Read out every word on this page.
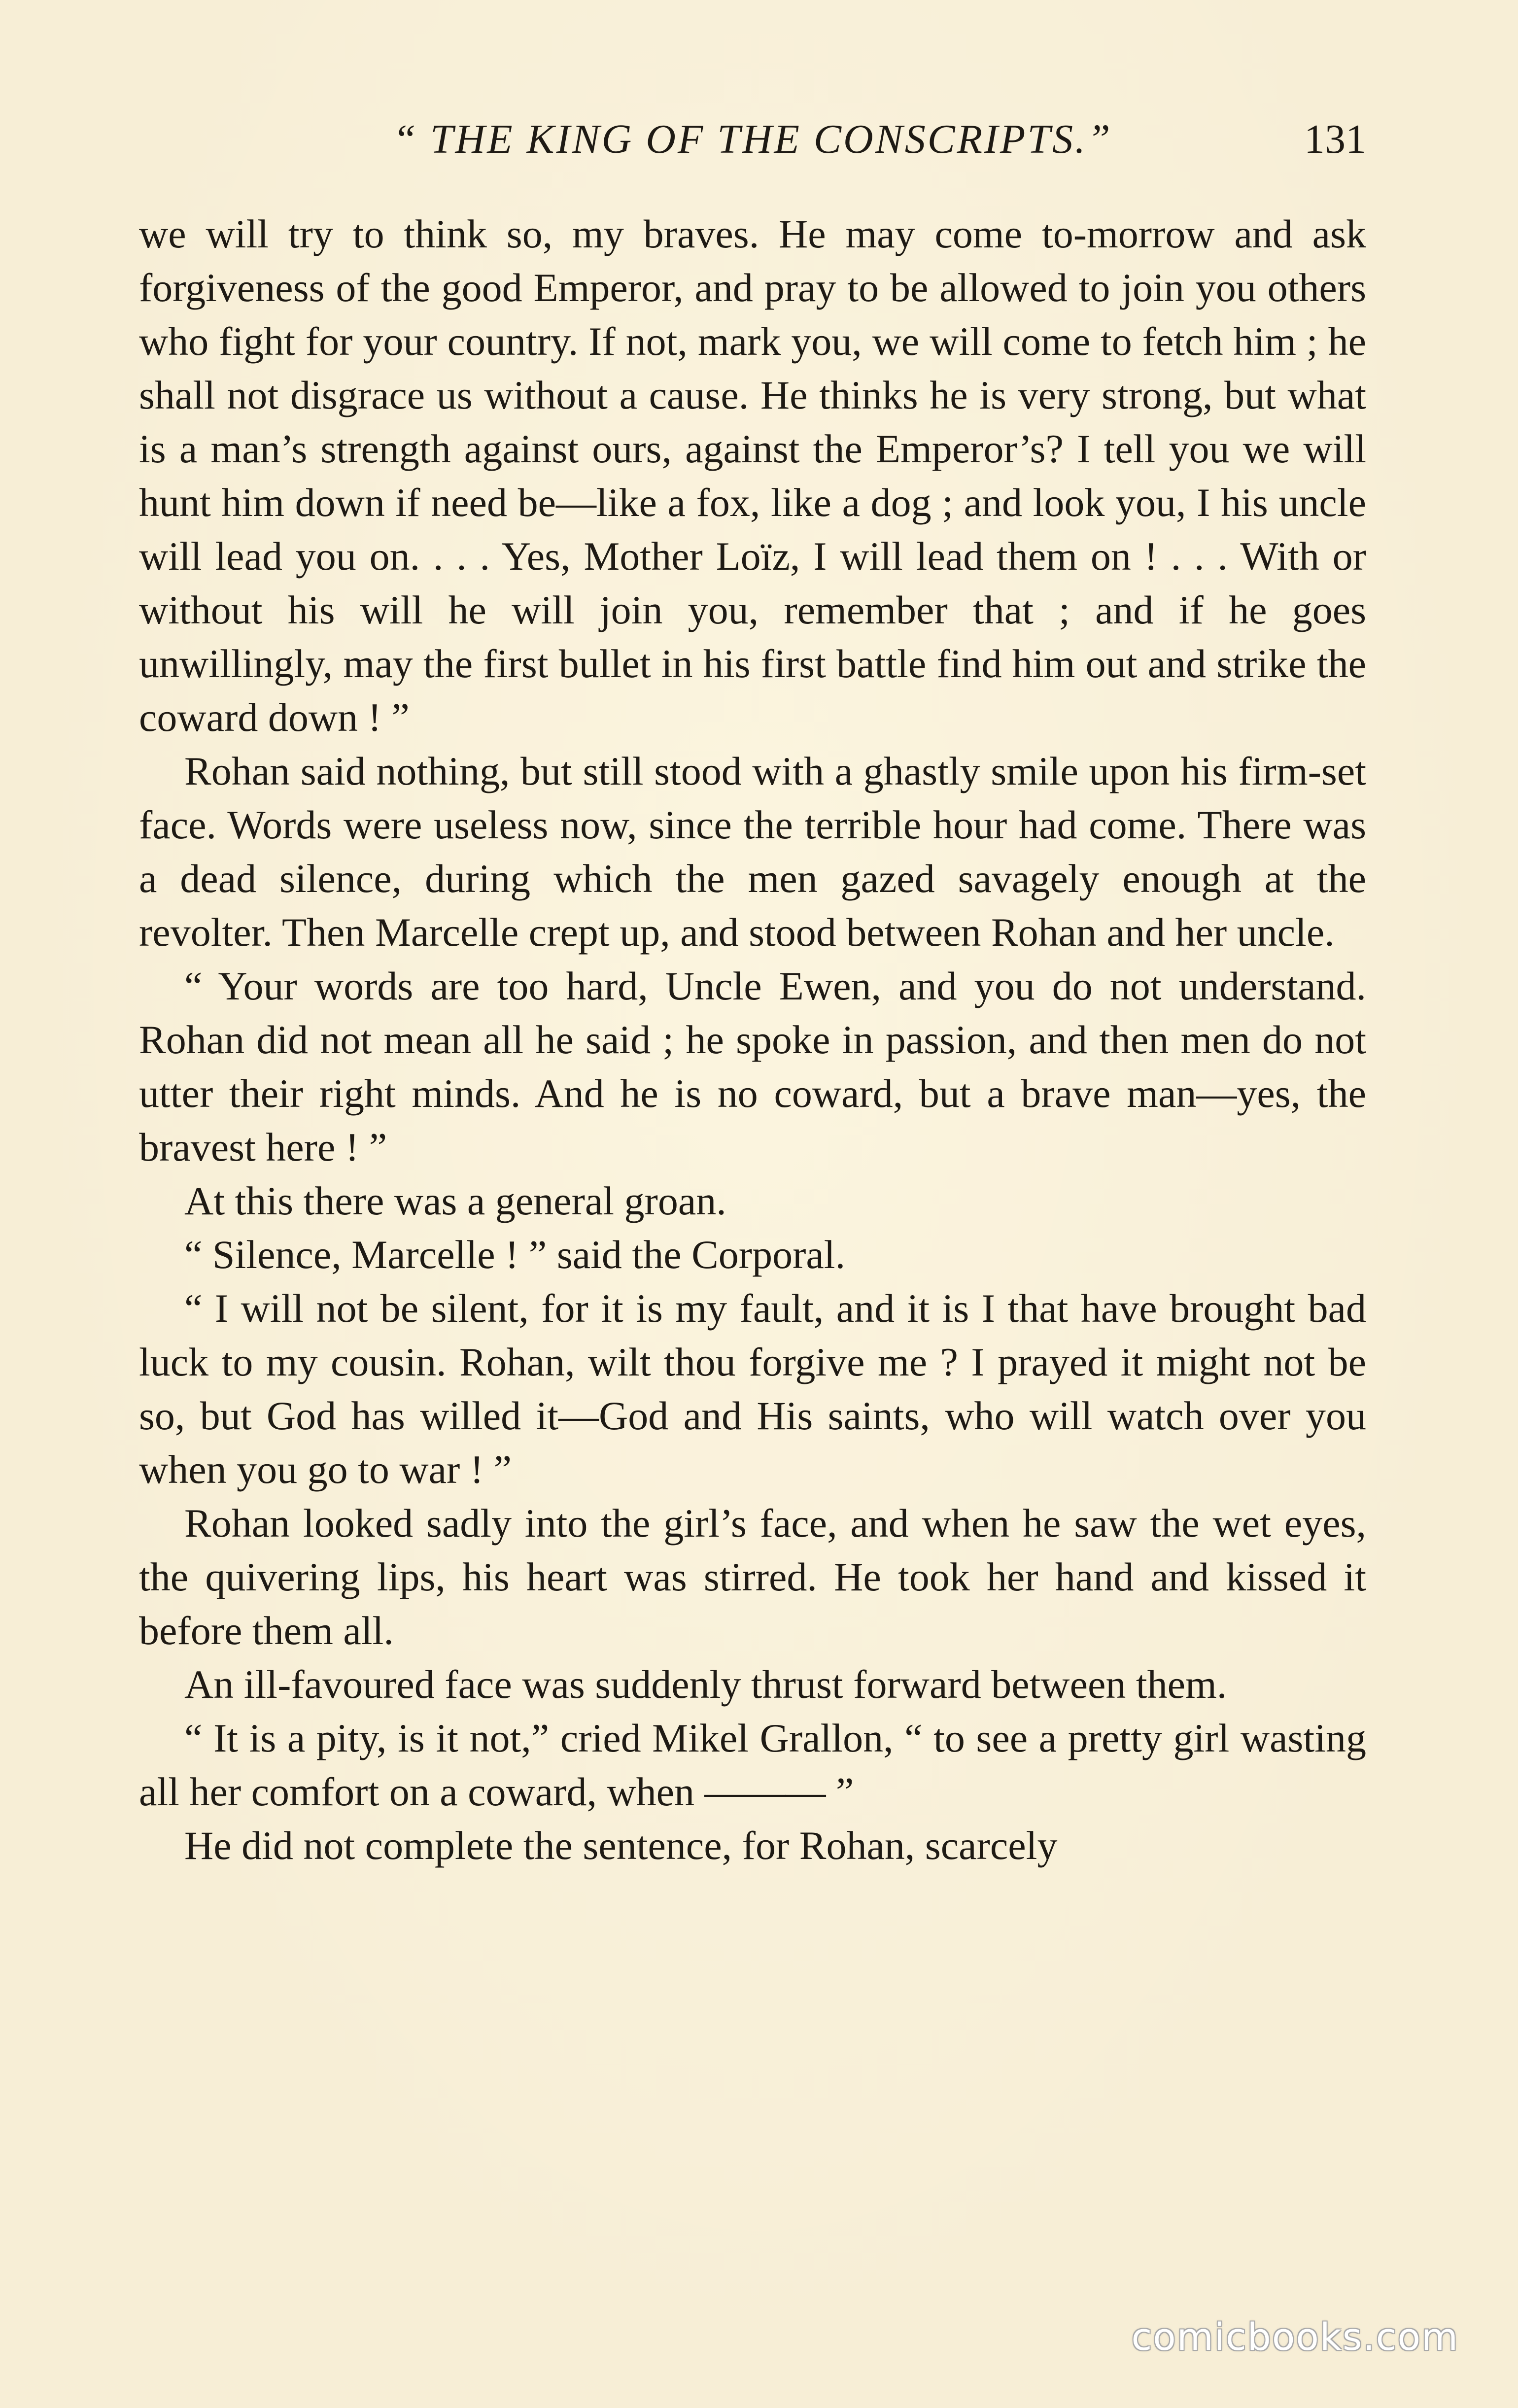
“ THE KING OF THE CONSCRIPTS.”	131

we will try to think so, my braves. He may come to-morrow and ask forgiveness of the good Emperor, and pray to be allowed to join you others who fight for your country. If not, mark you, we will come to fetch him ; he shall not disgrace us without a cause. He thinks he is very strong, but what is a man’s strength against ours, against the Emperor’s? I tell you we will hunt him down if need be—like a fox, like a dog ; and look you, I his uncle will lead you on. . . . Yes, Mother Loïz, I will lead them on ! . . . With or without his will he will join you, remember that ; and if he goes unwillingly, may the first bullet in his first battle find him out and strike the coward down ! ”

Rohan said nothing, but still stood with a ghastly smile upon his firm-set face. Words were useless now, since the terrible hour had come. There was a dead silence, during which the men gazed savagely enough at the revolter. Then Marcelle crept up, and stood between Rohan and her uncle.

“ Your words are too hard, Uncle Ewen, and you do not understand. Rohan did not mean all he said ; he spoke in passion, and then men do not utter their right minds. And he is no coward, but a brave man—yes, the bravest here ! ”

At this there was a general groan.

“ Silence, Marcelle ! ” said the Corporal.

“ I will not be silent, for it is my fault, and it is I that have brought bad luck to my cousin. Rohan, wilt thou forgive me ? I prayed it might not be so, but God has willed it—God and His saints, who will watch over you when you go to war ! ”

Rohan looked sadly into the girl’s face, and when he saw the wet eyes, the quivering lips, his heart was stirred. He took her hand and kissed it before them all.

An ill-favoured face was suddenly thrust forward between them.

“ It is a pity, is it not,” cried Mikel Grallon, “ to see a pretty girl wasting all her comfort on a coward, when ——— ”

He did not complete the sentence, for Rohan, scarcely

comicbooks.com
